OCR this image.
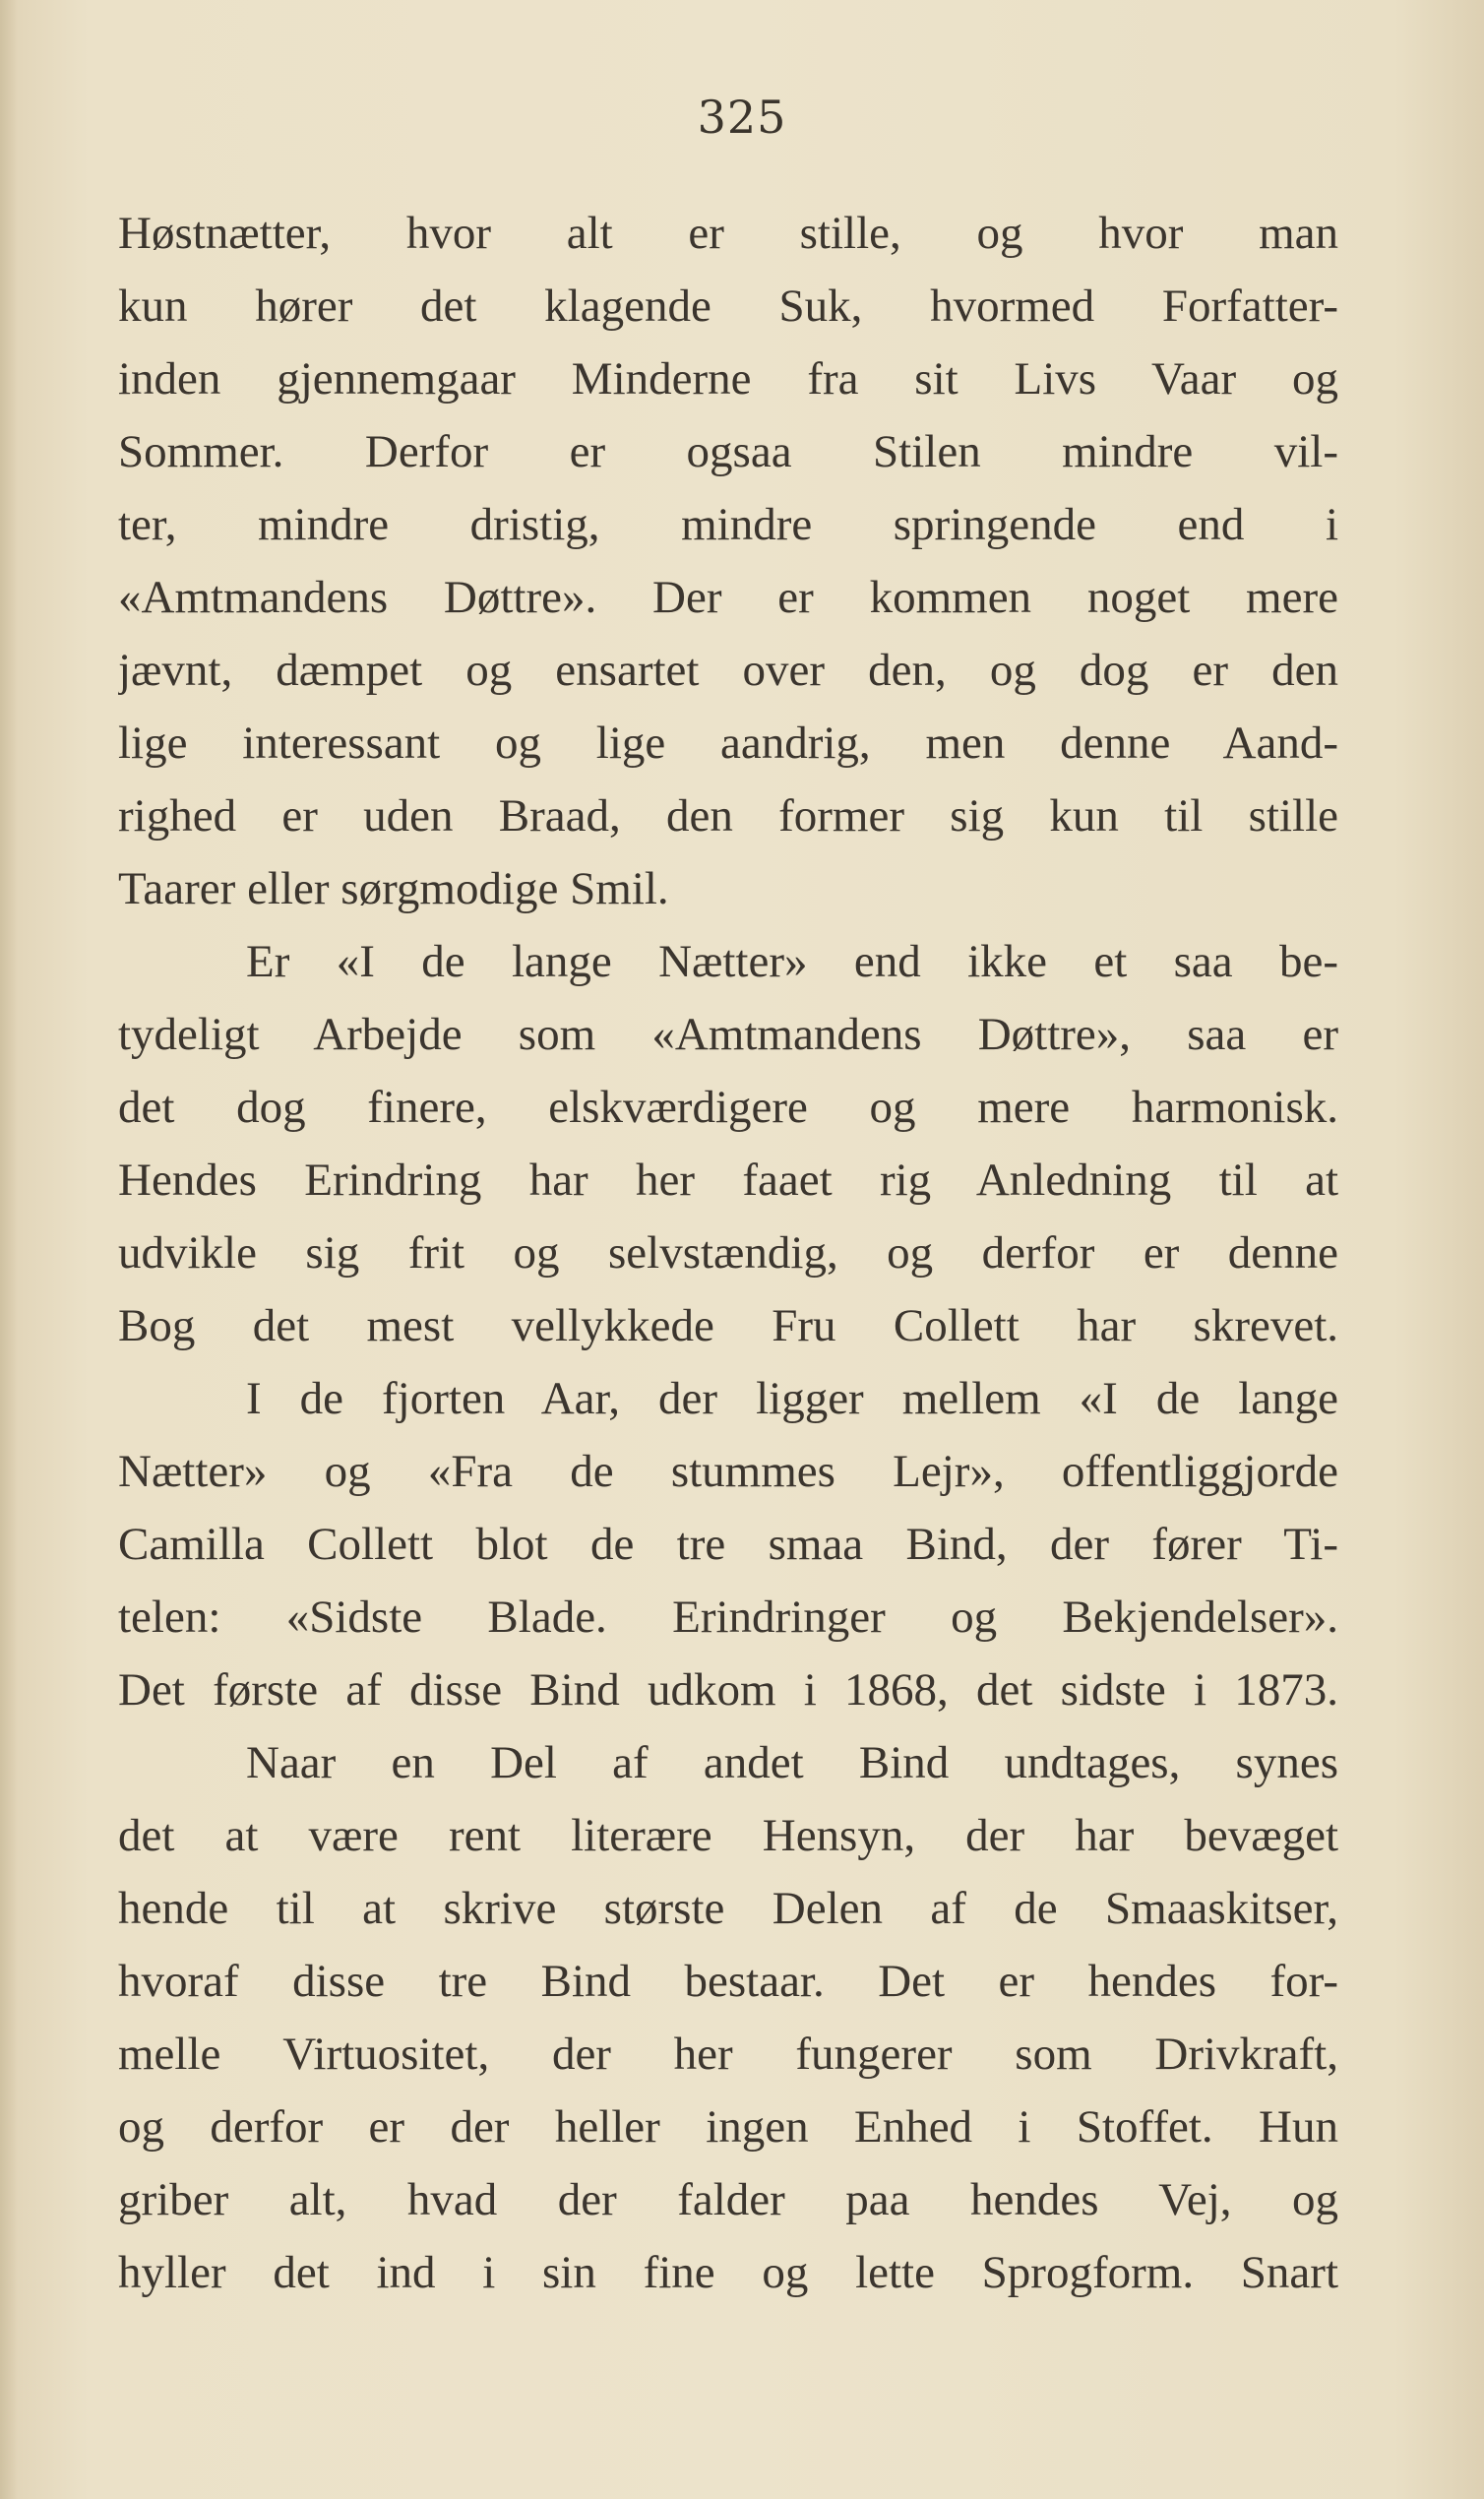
325
Høstnætter, hvor alt er stille, og hvor man
kun hører det klagende Suk, hvormed Forfatter-
inden gjennemgaar Minderne fra sit Livs Vaar og
Sommer. Derfor er ogsaa Stilen mindre vil-
ter, mindre dristig, mindre springende end i
«Amtmandens Døttre». Der er kommen noget mere
jævnt, dæmpet og ensartet over den, og dog er den
lige interessant og lige aandrig, men denne Aand-
righed er uden Braad, den former sig kun til stille
Taarer eller sørgmodige Smil.
Er «I de lange Nætter» end ikke et saa be-
tydeligt Arbejde som «Amtmandens Døttre», saa er
det dog finere, elskværdigere og mere harmonisk.
Hendes Erindring har her faaet rig Anledning til at
udvikle sig frit og selvstændig, og derfor er denne
Bog det mest vellykkede Fru Collett har skrevet.
I de fjorten Aar, der ligger mellem «I de lange
Nætter» og «Fra de stummes Lejr», offentliggjorde
Camilla Collett blot de tre smaa Bind, der fører Ti-
telen: «Sidste Blade. Erindringer og Bekjendelser».
Det første af disse Bind udkom i 1868, det sidste i 1873.
Naar en Del af andet Bind undtages, synes
det at være rent literære Hensyn, der har bevæget
hende til at skrive største Delen af de Smaaskitser,
hvoraf disse tre Bind bestaar. Det er hendes for-
melle Virtuositet, der her fungerer som Drivkraft,
og derfor er der heller ingen Enhed i Stoffet. Hun
griber alt, hvad der falder paa hendes Vej, og
hyller det ind i sin fine og lette Sprogform. Snart
